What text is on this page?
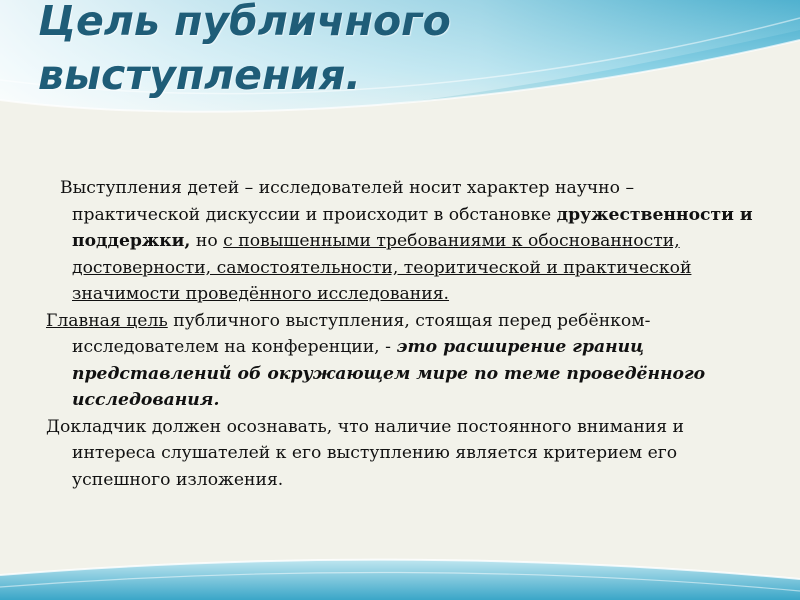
Цель публичного
выступления.

Выступления детей – исследователей носит характер научно –практической дискуссии и происходит в обстановке дружественности и поддержки, но с повышенными требованиями к обоснованности, достоверности, самостоятельности, теоритической и практической значимости проведённого исследования.

Главная цель публичного выступления, стоящая перед ребёнком-исследователем на конференции, - это расширение границ представлений об окружающем мире по теме проведённого исследования.

Докладчик должен осознавать, что наличие постоянного внимания и интереса слушателей к его выступлению является критерием его успешного изложения.
